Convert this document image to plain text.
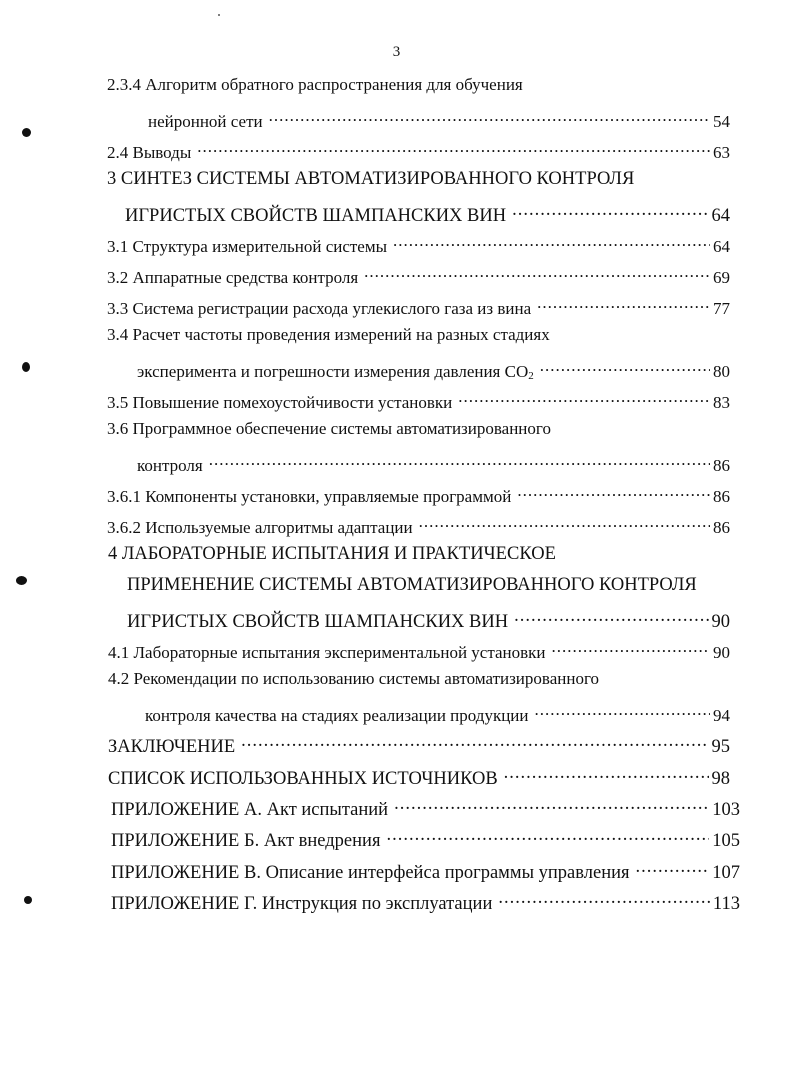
3
2.3.4 Алгоритм обратного распространения для обучения
нейронной сети .....	54
2.4 Выводы .....	63
3 СИНТЕЗ СИСТЕМЫ АВТОМАТИЗИРОВАННОГО КОНТРОЛЯ
ИГРИСТЫХ СВОЙСТВ ШАМПАНСКИХ ВИН .....	64
3.1 Структура измерительной системы .....	64
3.2 Аппаратные средства контроля .....	69
3.3 Система регистрации расхода углекислого газа из вина .....	77
3.4 Расчет частоты проведения измерений на разных стадиях
эксперимента и погрешности измерения давления $CO_2$ .....	80
3.5 Повышение помехоустойчивости установки .....	83
3.6 Программное обеспечение системы автоматизированного
контроля .....	86
3.6.1 Компоненты установки, управляемые программой .....	86
3.6.2 Используемые алгоритмы адаптации .....	86
4 ЛАБОРАТОРНЫЕ ИСПЫТАНИЯ И ПРАКТИЧЕСКОЕ
ПРИМЕНЕНИЕ СИСТЕМЫ АВТОМАТИЗИРОВАННОГО КОНТРОЛЯ
ИГРИСТЫХ СВОЙСТВ ШАМПАНСКИХ ВИН .....	90
4.1 Лабораторные испытания экспериментальной установки .....	90
4.2 Рекомендации по использованию системы автоматизированного
контроля качества на стадиях реализации продукции .....	94
ЗАКЛЮЧЕНИЕ .....	95
СПИСОК ИСПОЛЬЗОВАННЫХ ИСТОЧНИКОВ .....	98
ПРИЛОЖЕНИЕ А. Акт испытаний .....	103
ПРИЛОЖЕНИЕ Б. Акт внедрения .....	105
ПРИЛОЖЕНИЕ В. Описание интерфейса программы управления .....	107
ПРИЛОЖЕНИЕ Г. Инструкция по эксплуатации .....	113
